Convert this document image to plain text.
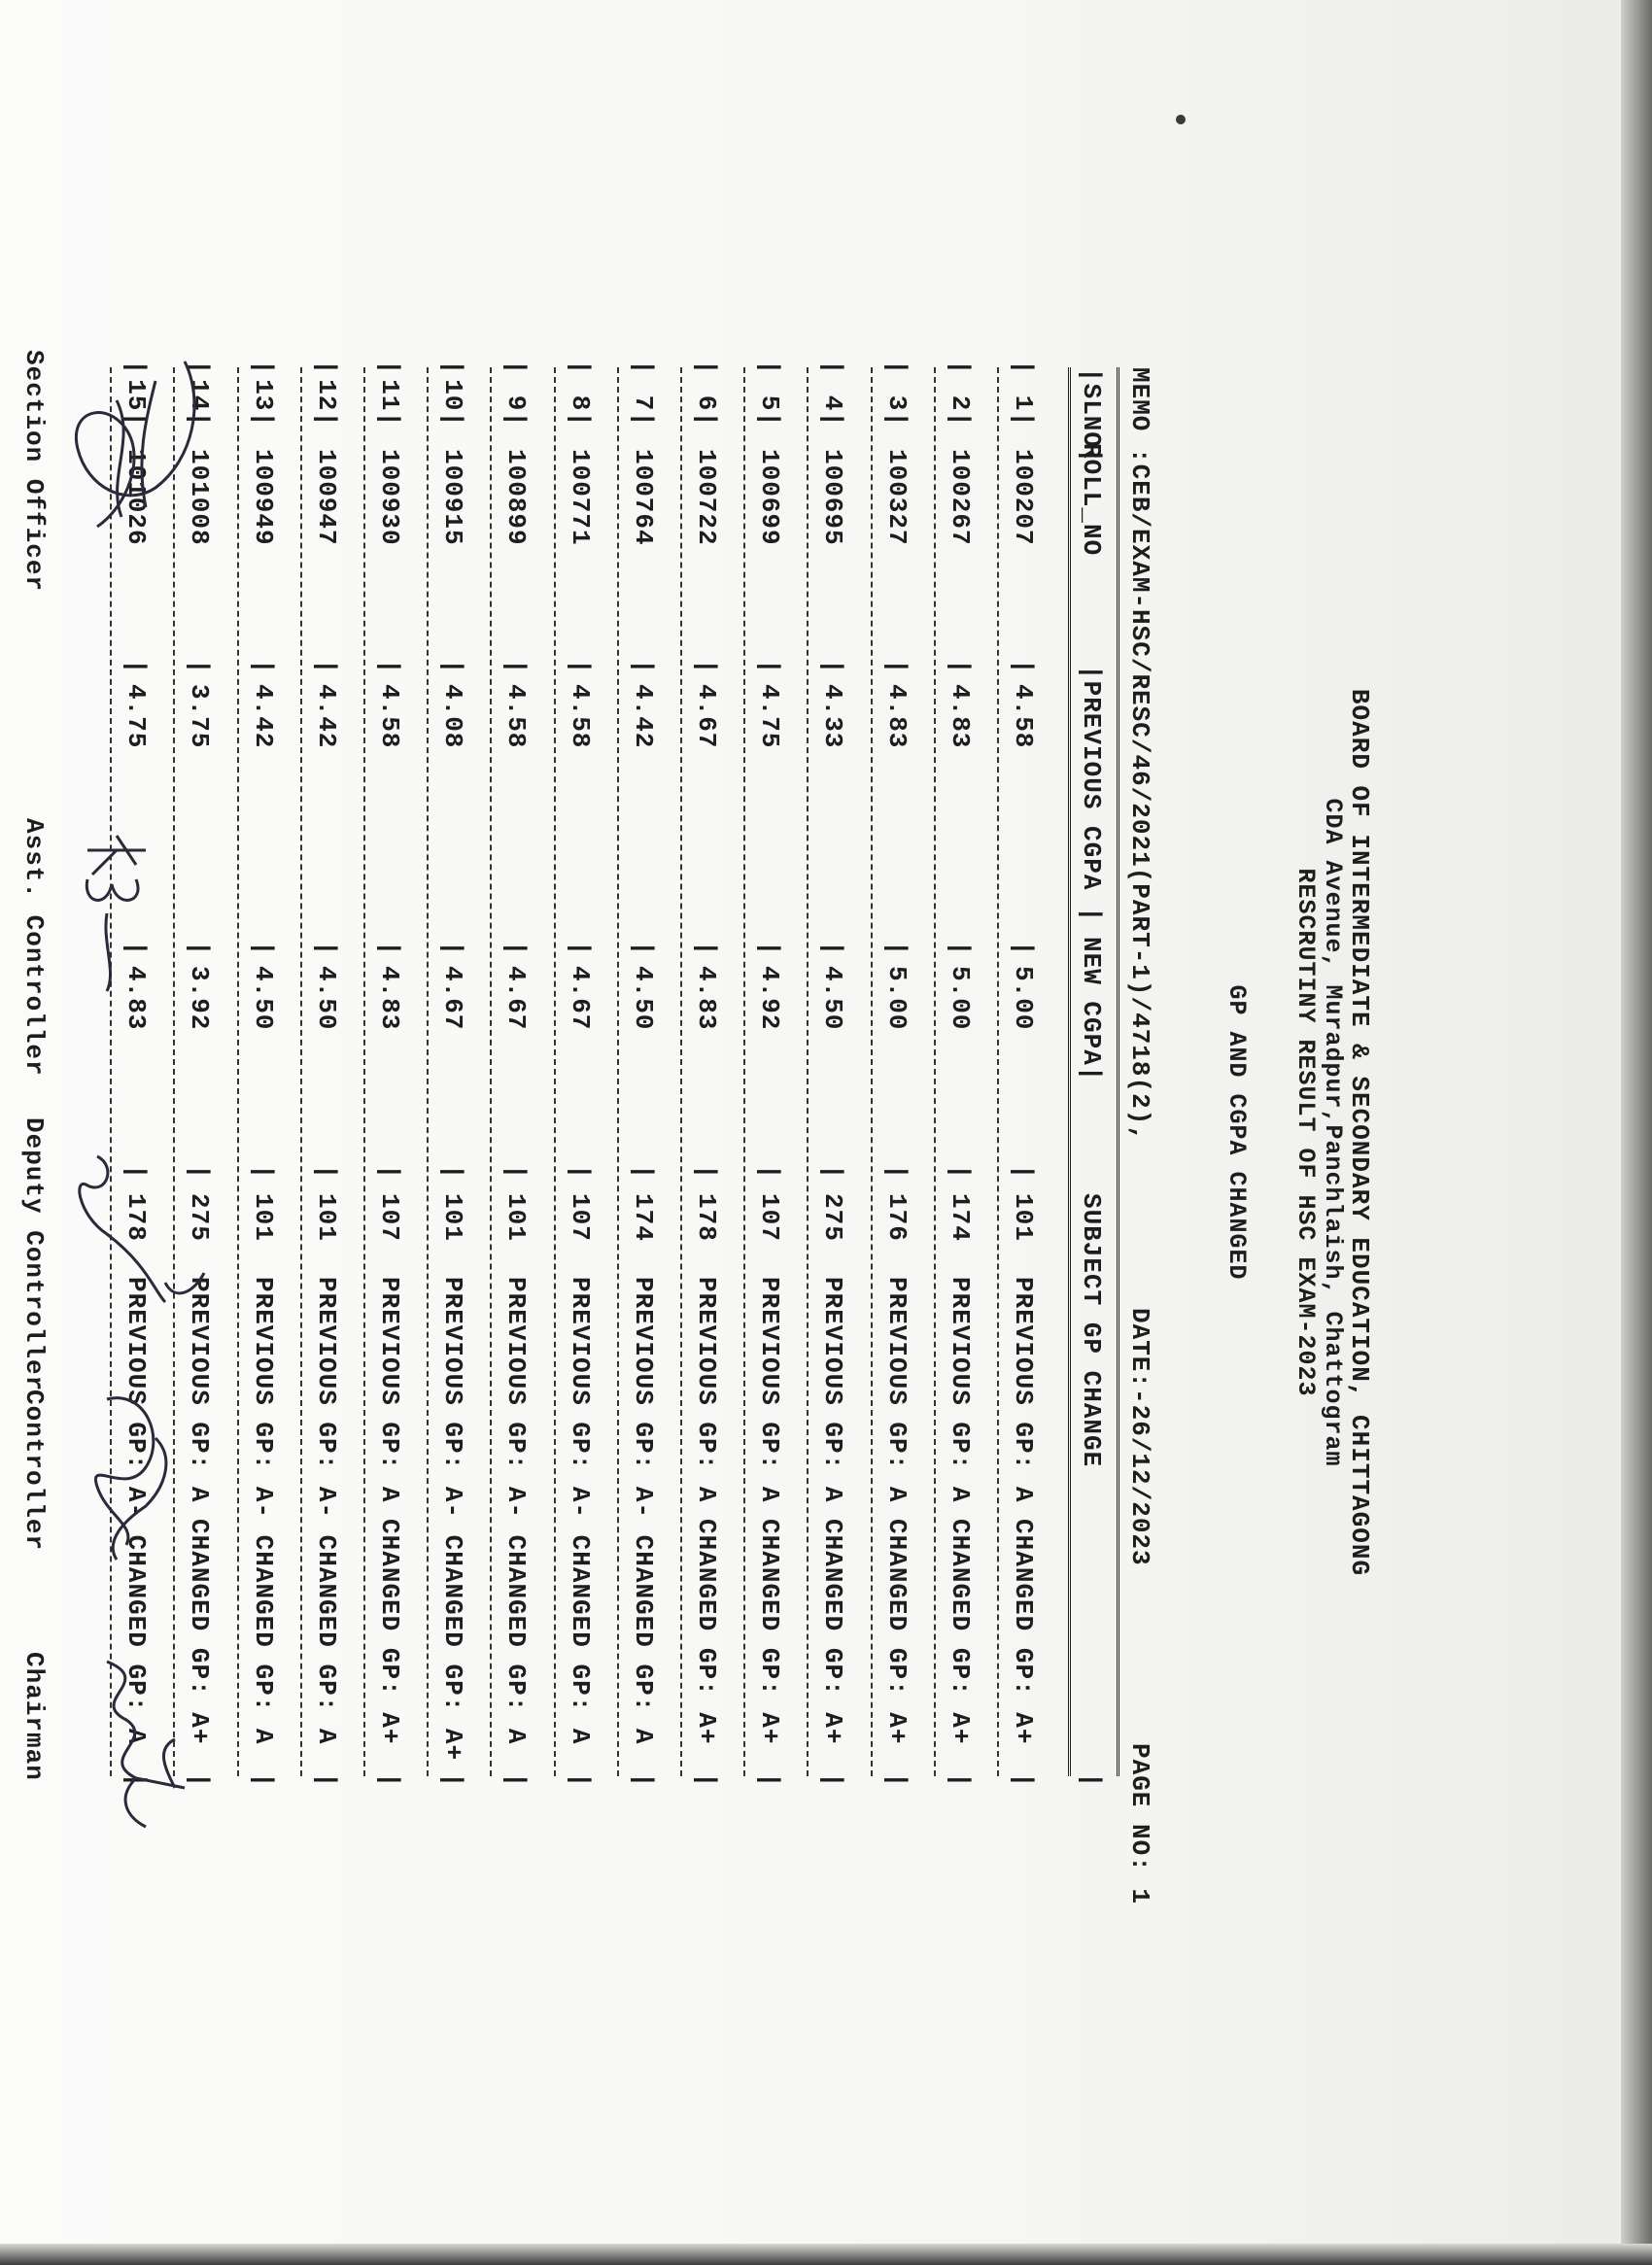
BOARD OF INTERMEDIATE & SECONDARY EDUCATION, CHITTAGONG
CDA Avenue, Muradpur,Panchlaish, Chattogram
RESCRUTINY RESULT OF HSC EXAM-2023
GP AND CGPA CHANGED
MEMO :CEB/EXAM-HSC/RESC/46/2021(PART-1)/4718(2),
DATE:-26/12/2023
PAGE NO: 1
|SLNO|
ROLL_NO
|PREVIOUS CGPA |
NEW CGPA|
SUBJECT GP CHANGE
|
|
1|
100207
|
4.58
|
5.00
|
101
PREVIOUS GP: A CHANGED GP: A+
|
|
2|
100267
|
4.83
|
5.00
|
174
PREVIOUS GP: A CHANGED GP: A+
|
|
3|
100327
|
4.83
|
5.00
|
176
PREVIOUS GP: A CHANGED GP: A+
|
|
4|
100695
|
4.33
|
4.50
|
275
PREVIOUS GP: A CHANGED GP: A+
|
|
5|
100699
|
4.75
|
4.92
|
107
PREVIOUS GP: A CHANGED GP: A+
|
|
6|
100722
|
4.67
|
4.83
|
178
PREVIOUS GP: A CHANGED GP: A+
|
|
7|
100764
|
4.42
|
4.50
|
174
PREVIOUS GP: A- CHANGED GP: A
|
|
8|
100771
|
4.58
|
4.67
|
107
PREVIOUS GP: A- CHANGED GP: A
|
|
9|
100899
|
4.58
|
4.67
|
101
PREVIOUS GP: A- CHANGED GP: A
|
|
10|
100915
|
4.08
|
4.67
|
101
PREVIOUS GP: A- CHANGED GP: A+
|
|
11|
100930
|
4.58
|
4.83
|
107
PREVIOUS GP: A CHANGED GP: A+
|
|
12|
100947
|
4.42
|
4.50
|
101
PREVIOUS GP: A- CHANGED GP: A
|
|
13|
100949
|
4.42
|
4.50
|
101
PREVIOUS GP: A- CHANGED GP: A
|
|
14|
101008
|
3.75
|
3.92
|
275
PREVIOUS GP: A CHANGED GP: A+
|
|
15|
101026
|
4.75
|
4.83
|
178
PREVIOUS GP: A- CHANGED GP: A
|
Section Officer
Asst. Controller
Deputy Controller
Controller
Chairman
